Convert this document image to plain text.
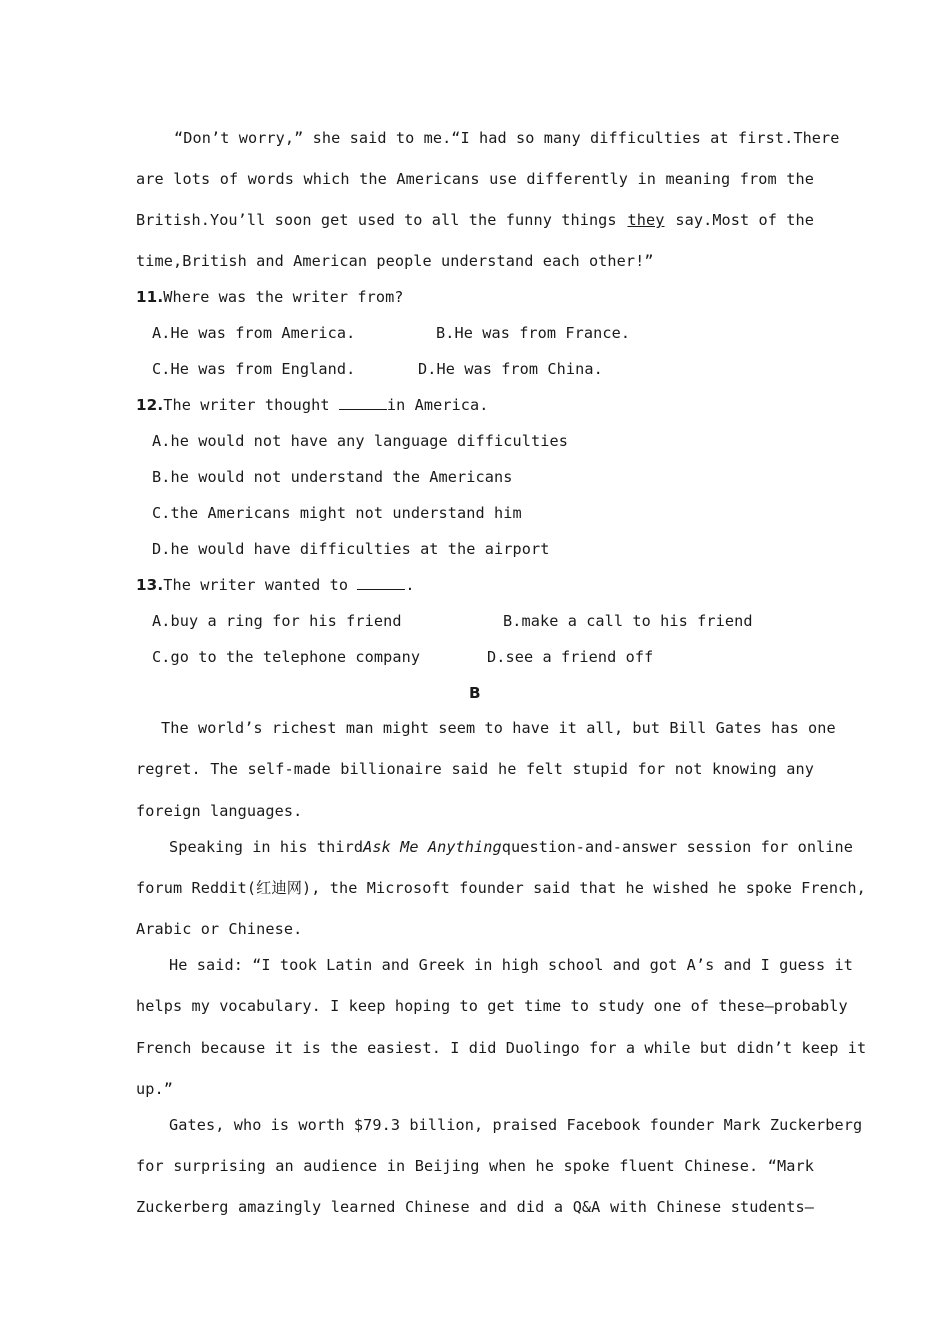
“Don’t worry,” she said to me.“I had so many difficulties at first.There
are lots of words which the Americans use differently in meaning from the
British.You’ll soon get used to all the funny things they say.Most of the
time,British and American people understand each other!”
11.Where was the writer from?
A.He was from America.	B.He was from France.
C.He was from England.	D.He was from China.
12.The writer thought	in America.
A.he would not have any language difficulties
B.he would not understand the Americans
C.the Americans might not understand him
D.he would have difficulties at the airport
13.The writer wanted to	.
A.buy a ring for his friend	B.make a call to his friend
C.go to the telephone company	D.see a friend off
B
The world’s richest man might seem to have it all, but Bill Gates has one
regret. The self-made billionaire said he felt stupid for not knowing any
foreign languages.
Speaking in his third Ask Me Anything question-and-answer session for online
forum Reddit(红迪网), the Microsoft founder said that he wished he spoke French,
Arabic or Chinese.
He said: “I took Latin and Greek in high school and got A’s and I guess it
helps my vocabulary. I keep hoping to get time to study one of these—probably
French because it is the easiest. I did Duolingo for a while but didn’t keep it
up.”
Gates, who is worth $79.3 billion, praised Facebook founder Mark Zuckerberg
for surprising an audience in Beijing when he spoke fluent Chinese. “Mark
Zuckerberg amazingly learned Chinese and did a Q&A with Chinese students—
